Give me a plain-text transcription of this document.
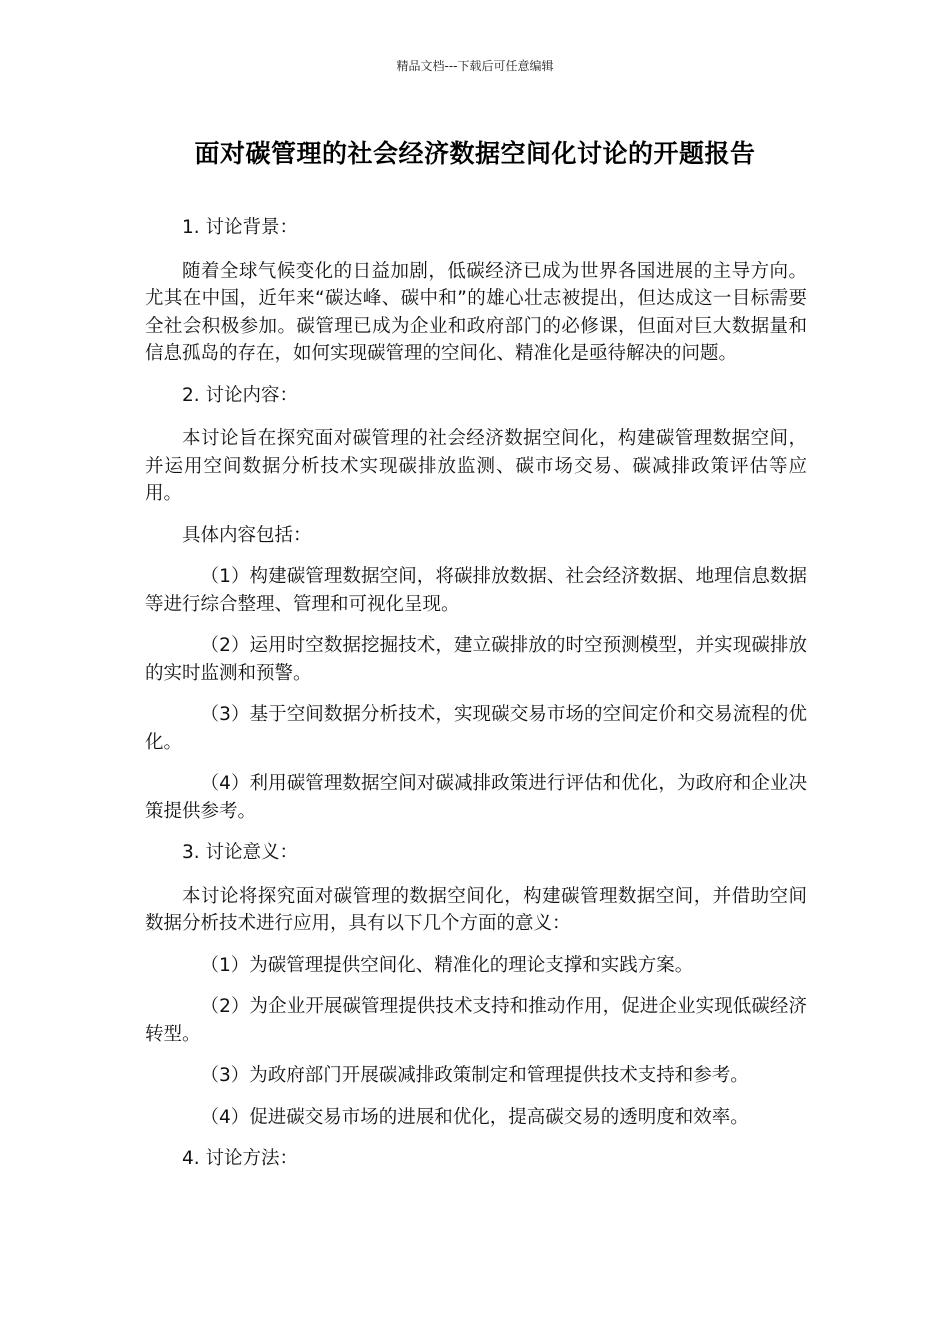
精品文档---下载后可任意编辑
面对碳管理的社会经济数据空间化讨论的开题报告

1. 讨论背景：

随着全球气候变化的日益加剧，低碳经济已成为世界各国进展的主导方向。尤其在中国，近年来“碳达峰、碳中和”的雄心壮志被提出，但达成这一目标需要全社会积极参加。碳管理已成为企业和政府部门的必修课，但面对巨大数据量和信息孤岛的存在，如何实现碳管理的空间化、精准化是亟待解决的问题。

2. 讨论内容：

本讨论旨在探究面对碳管理的社会经济数据空间化，构建碳管理数据空间，并运用空间数据分析技术实现碳排放监测、碳市场交易、碳减排政策评估等应用。

具体内容包括：

（1）构建碳管理数据空间，将碳排放数据、社会经济数据、地理信息数据等进行综合整理、管理和可视化呈现。

（2）运用时空数据挖掘技术，建立碳排放的时空预测模型，并实现碳排放的实时监测和预警。

（3）基于空间数据分析技术，实现碳交易市场的空间定价和交易流程的优化。

（4）利用碳管理数据空间对碳减排政策进行评估和优化，为政府和企业决策提供参考。

3. 讨论意义：

本讨论将探究面对碳管理的数据空间化，构建碳管理数据空间，并借助空间数据分析技术进行应用，具有以下几个方面的意义：

（1）为碳管理提供空间化、精准化的理论支撑和实践方案。

（2）为企业开展碳管理提供技术支持和推动作用，促进企业实现低碳经济转型。

（3）为政府部门开展碳减排政策制定和管理提供技术支持和参考。

（4）促进碳交易市场的进展和优化，提高碳交易的透明度和效率。

4. 讨论方法：
